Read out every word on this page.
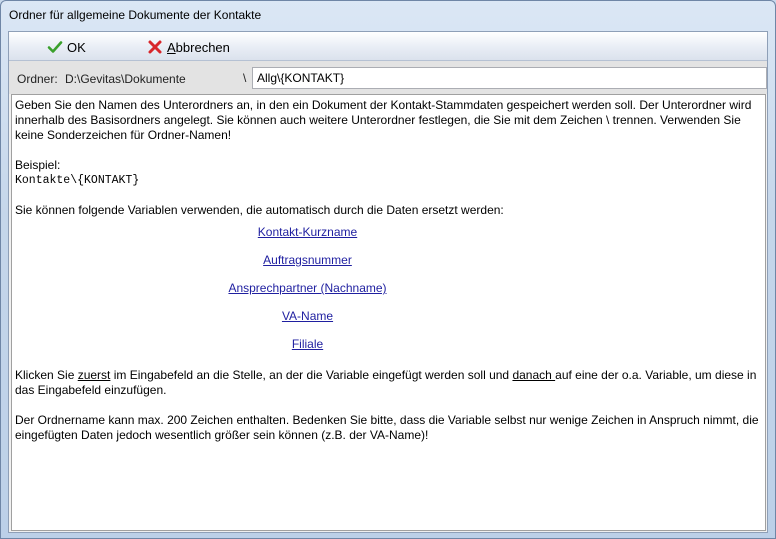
Ordner für allgemeine Dokumente der Kontakte
OK	Abbrechen
Ordner: D:\Gevitas\Dokumente	\
Allg\{KONTAKT}

Geben Sie den Namen des Unterordners an, in den ein Dokument der Kontakt-Stammdaten gespeichert werden soll. Der Unterordner wird innerhalb des Basisordners angelegt. Sie können auch weitere Unterordner festlegen, die Sie mit dem Zeichen \ trennen. Verwenden Sie keine Sonderzeichen für Ordner-Namen!

Beispiel:

Kontakte\{KONTAKT}

Sie können folgende Variablen verwenden, die automatisch durch die Daten ersetzt werden:

Kontakt-Kurzname
Auftragsnummer
Ansprechpartner (Nachname)
VA-Name
Filiale

Klicken Sie zuerst im Eingabefeld an die Stelle, an der die Variable eingefügt werden soll und danach auf eine der o.a. Variable, um diese in das Eingabefeld einzufügen.

Der Ordnername kann max. 200 Zeichen enthalten. Bedenken Sie bitte, dass die Variable selbst nur wenige Zeichen in Anspruch nimmt, die eingefügten Daten jedoch wesentlich größer sein können (z.B. der VA-Name)!
